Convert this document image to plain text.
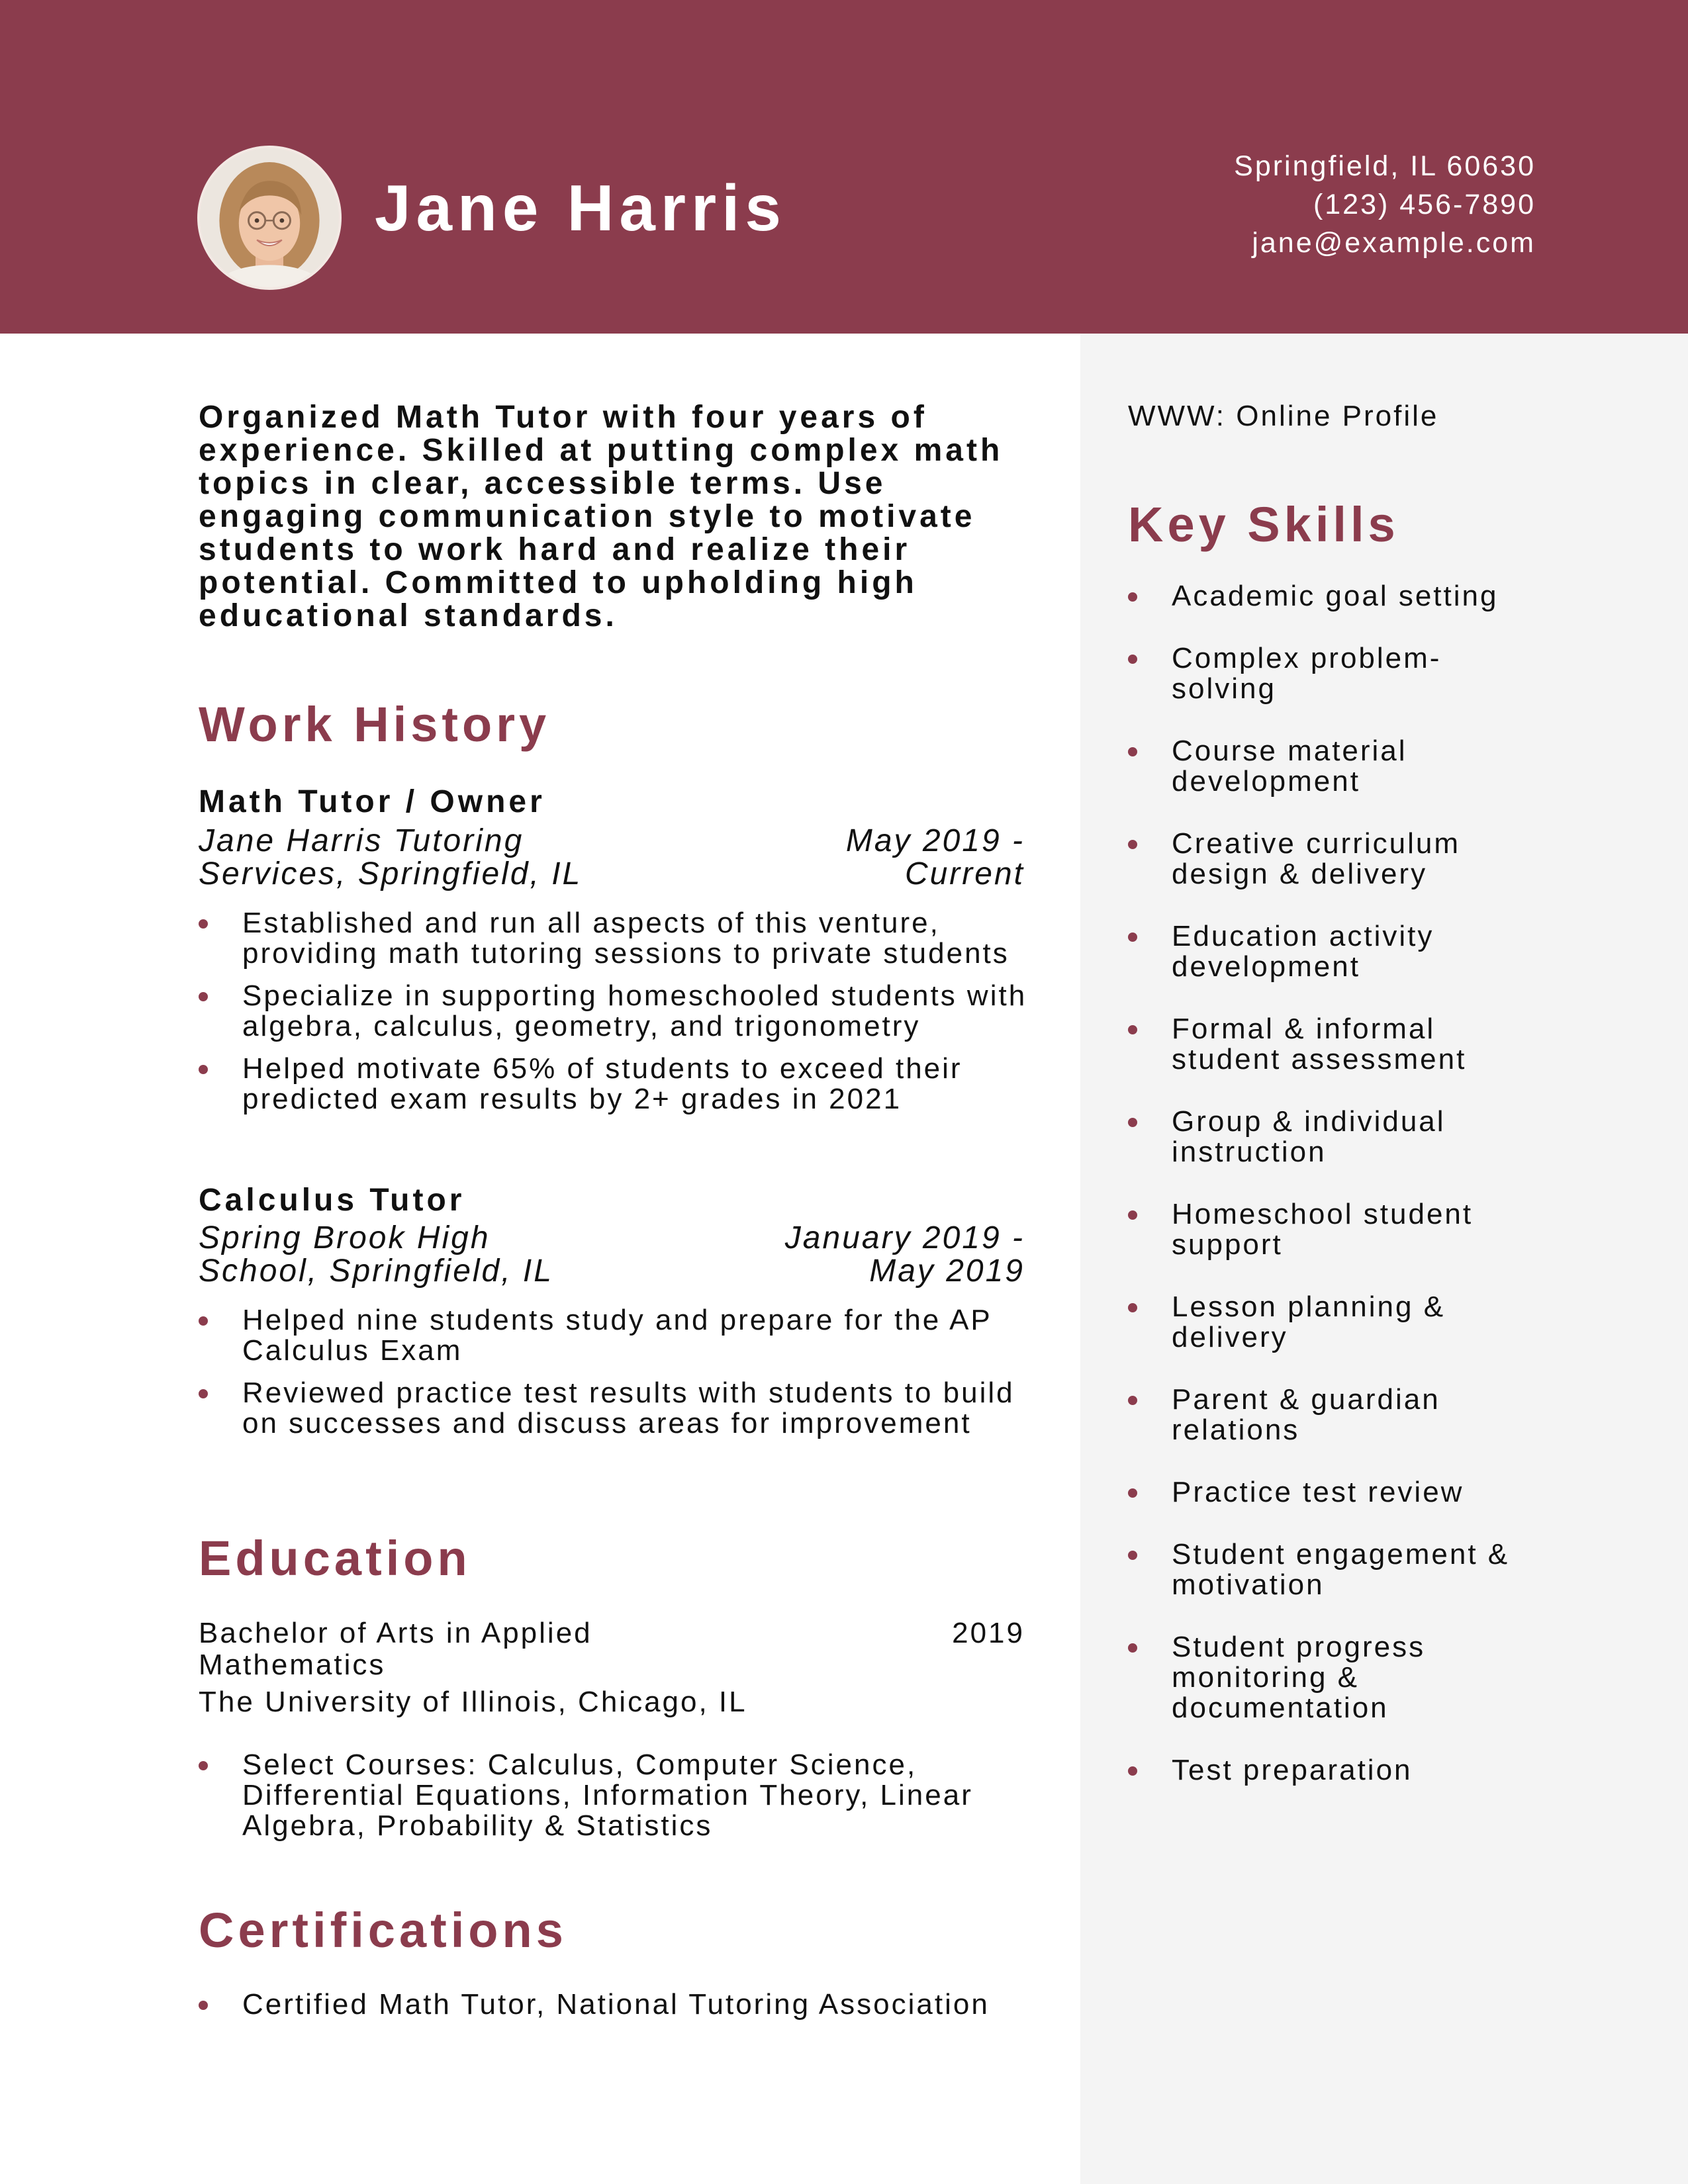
Jane Harris
Springfield, IL 60630
(123) 456-7890
jane@example.com

WWW: Online Profile

Key Skills
Academic goal setting
Complex problem-solving
Course material development
Creative curriculum design & delivery
Education activity development
Formal & informal student assessment
Group & individual instruction
Homeschool student support
Lesson planning & delivery
Parent & guardian relations
Practice test review
Student engagement & motivation
Student progress monitoring & documentation
Test preparation

Organized Math Tutor with four years of experience. Skilled at putting complex math topics in clear, accessible terms. Use engaging communication style to motivate students to work hard and realize their potential. Committed to upholding high educational standards.

Work History

Math Tutor / Owner

Jane Harris Tutoring Services, Springfield, IL

May 2019 - Current

Established and run all aspects of this venture, providing math tutoring sessions to private students
Specialize in supporting homeschooled students with algebra, calculus, geometry, and trigonometry
Helped motivate 65% of students to exceed their predicted exam results by 2+ grades in 2021

Calculus Tutor

Spring Brook High School, Springfield, IL

January 2019 - May 2019

Helped nine students study and prepare for the AP Calculus Exam
Reviewed practice test results with students to build on successes and discuss areas for improvement
Education

Bachelor of Arts in Applied Mathematics

2019

The University of Illinois, Chicago, IL

Select Courses: Calculus, Computer Science, Differential Equations, Information Theory, Linear Algebra, Probability & Statistics
Certifications
Certified Math Tutor, National Tutoring Association
